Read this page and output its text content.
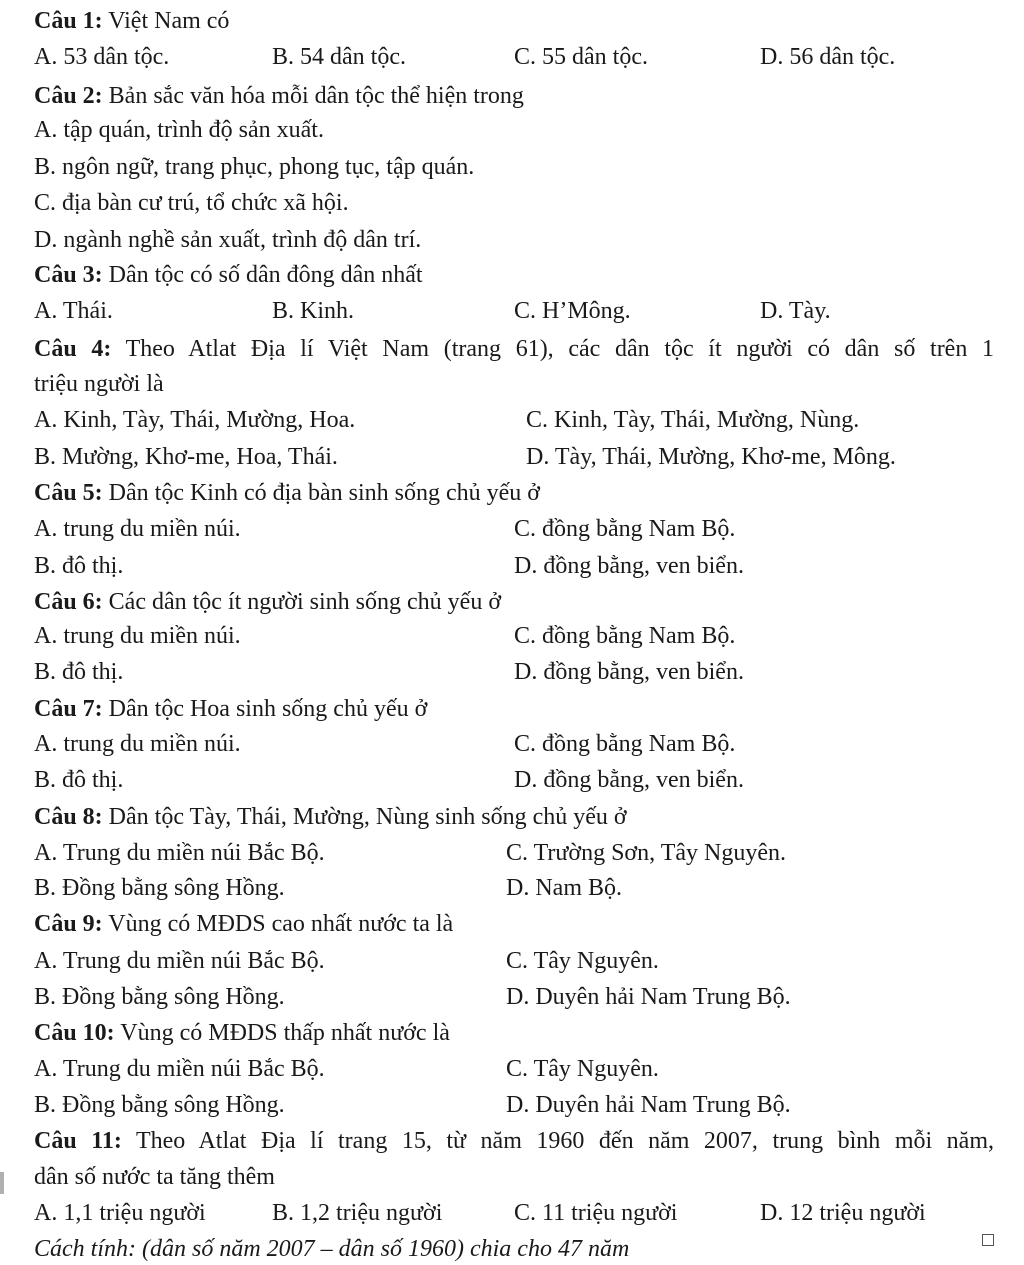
Câu 1: Việt Nam có
A. 53 dân tộc.	B. 54 dân tộc.	C. 55 dân tộc.	D. 56 dân tộc.
Câu 2: Bản sắc văn hóa mỗi dân tộc thể hiện trong
A. tập quán, trình độ sản xuất.
B. ngôn ngữ, trang phục, phong tục, tập quán.
C. địa bàn cư trú, tổ chức xã hội.
D. ngành nghề sản xuất, trình độ dân trí.
Câu 3: Dân tộc có số dân đông dân nhất
A. Thái.	B. Kinh.	C. H’Mông.	D. Tày.
Câu 4: Theo Atlat Địa lí Việt Nam (trang 61), các dân tộc ít người có dân số trên 1
triệu người là
A. Kinh, Tày, Thái, Mường, Hoa.	C. Kinh, Tày, Thái, Mường, Nùng.
B. Mường, Khơ-me, Hoa, Thái.	D. Tày, Thái, Mường, Khơ-me, Mông.
Câu 5: Dân tộc Kinh có địa bàn sinh sống chủ yếu ở
A. trung du miền núi.	C. đồng bằng Nam Bộ.
B. đô thị.	D. đồng bằng, ven biển.
Câu 6: Các dân tộc ít người sinh sống chủ yếu ở
A. trung du miền núi.	C. đồng bằng Nam Bộ.
B. đô thị.	D. đồng bằng, ven biển.
Câu 7: Dân tộc Hoa sinh sống chủ yếu ở
A. trung du miền núi.	C. đồng bằng Nam Bộ.
B. đô thị.	D. đồng bằng, ven biển.
Câu 8: Dân tộc Tày, Thái, Mường, Nùng sinh sống chủ yếu ở
A. Trung du miền núi Bắc Bộ.	C. Trường Sơn, Tây Nguyên.
B. Đồng bằng sông Hồng.	D. Nam Bộ.
Câu 9: Vùng có MĐDS cao nhất nước ta là
A. Trung du miền núi Bắc Bộ.	C. Tây Nguyên.
B. Đồng bằng sông Hồng.	D. Duyên hải Nam Trung Bộ.
Câu 10: Vùng có MĐDS thấp nhất nước là
A. Trung du miền núi Bắc Bộ.	C. Tây Nguyên.
B. Đồng bằng sông Hồng.	D. Duyên hải Nam Trung Bộ.
Câu 11: Theo Atlat Địa lí trang 15, từ năm 1960 đến năm 2007, trung bình mỗi năm,
dân số nước ta tăng thêm
A. 1,1 triệu người	B. 1,2 triệu người	C. 11 triệu người	D. 12 triệu người
Cách tính: (dân số năm 2007 – dân số 1960) chia cho 47 năm
